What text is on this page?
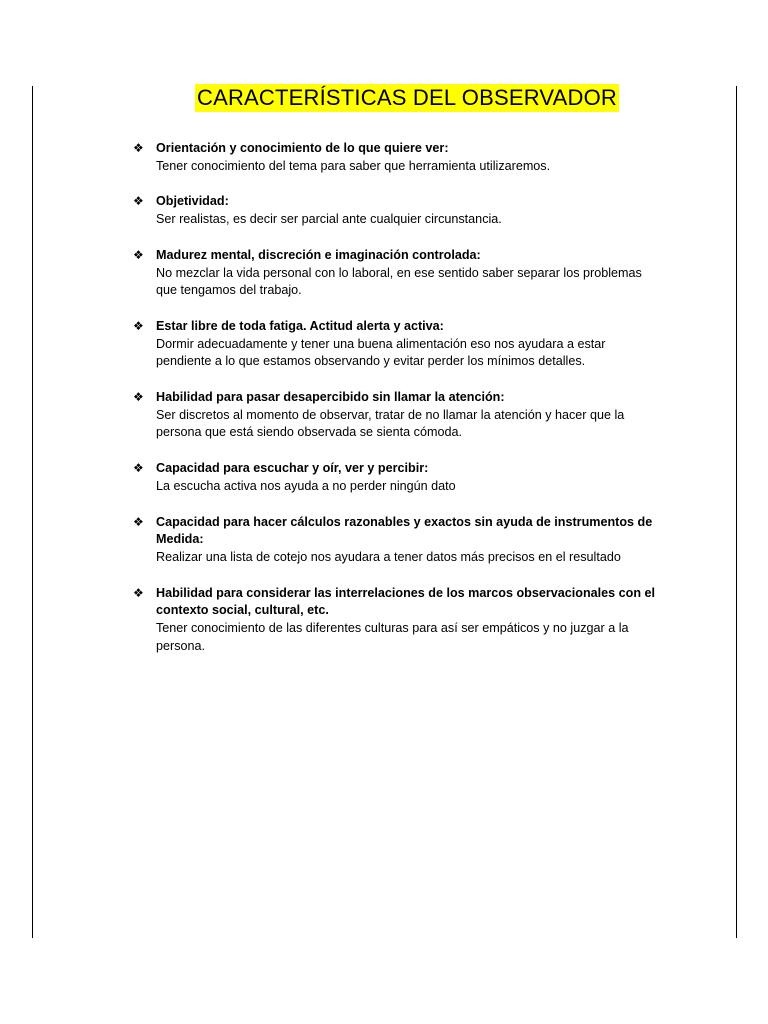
CARACTERÍSTICAS DEL OBSERVADOR
❖ Orientación y conocimiento de lo que quiere ver:
Tener conocimiento del tema para saber que herramienta utilizaremos.
❖ Objetividad:
Ser realistas, es decir ser parcial ante cualquier circunstancia.
❖ Madurez mental, discreción e imaginación controlada:
No mezclar la vida personal con lo laboral, en ese sentido saber separar los problemas que tengamos del trabajo.
❖ Estar libre de toda fatiga. Actitud alerta y activa:
Dormir adecuadamente y tener una buena alimentación eso nos ayudara a estar pendiente a lo que estamos observando y evitar perder los mínimos detalles.
❖ Habilidad para pasar desapercibido sin llamar la atención:
Ser discretos al momento de observar, tratar de no llamar la atención y hacer que la persona que está siendo observada se sienta cómoda.
❖ Capacidad para escuchar y oír, ver y percibir:
La escucha activa nos ayuda a no perder ningún dato
❖ Capacidad para hacer cálculos razonables y exactos sin ayuda de instrumentos de Medida:
Realizar una lista de cotejo nos ayudara a tener datos más precisos en el resultado
❖ Habilidad para considerar las interrelaciones de los marcos observacionales con el contexto social, cultural, etc.
Tener conocimiento de las diferentes culturas para así ser empáticos y no juzgar a la persona.
